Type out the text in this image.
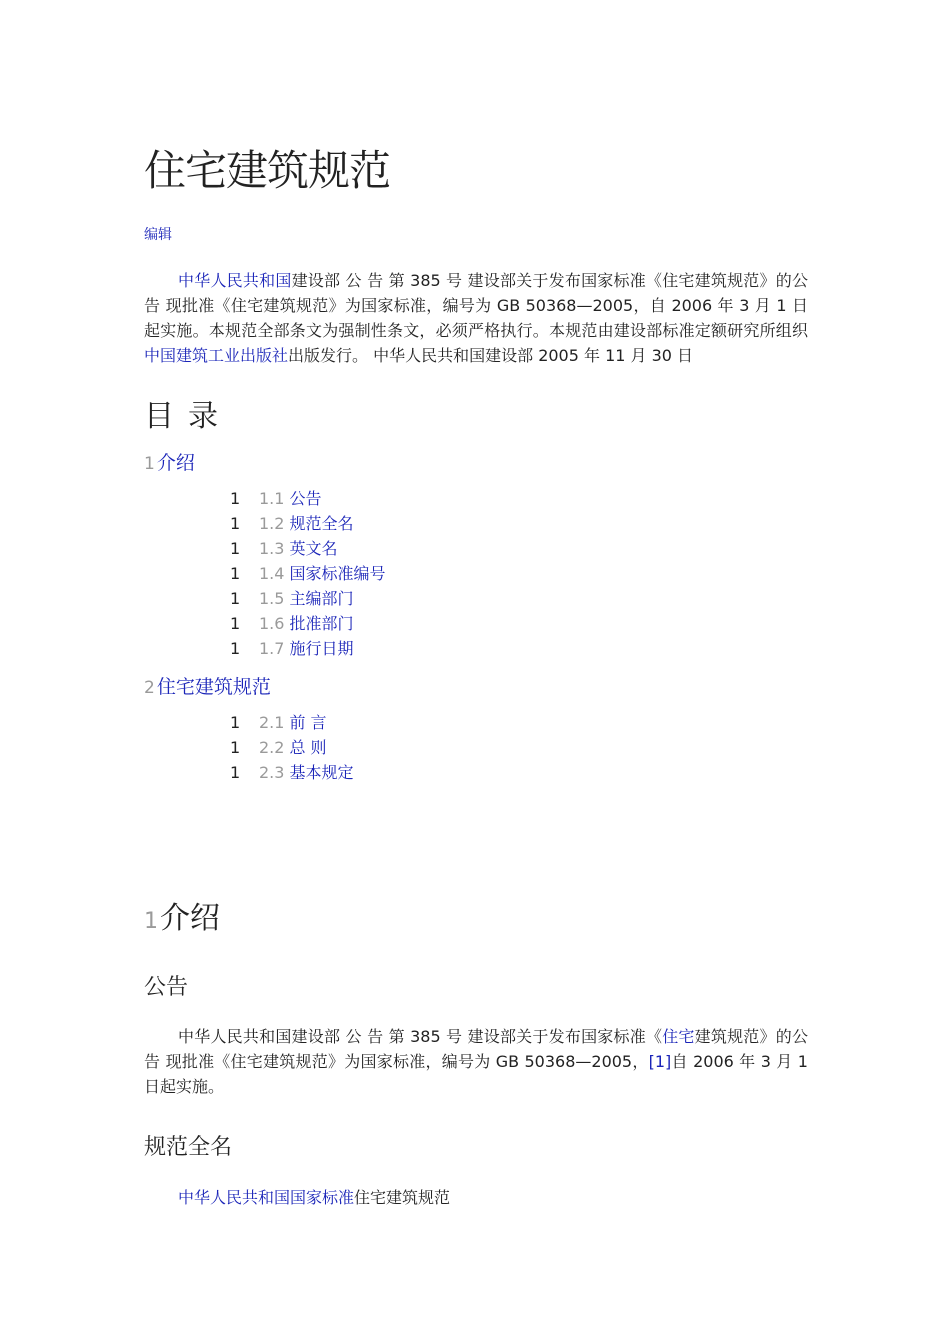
住宅建筑规范
编辑

中华人民共和国建设部 公 告 第 385 号 建设部关于发布国家标准《住宅建筑规范》的公告 现批准《住宅建筑规范》为国家标准，编号为 GB 50368—2005，自 2006 年 3 月 1 日起实施。本规范全部条文为强制性条文，必须严格执行。本规范由建设部标准定额研究所组织中国建筑工业出版社出版发行。 中华人民共和国建设部 2005 年 11 月 30 日

目录
1 介绍
1 1.1 公告
1 1.2 规范全名
1 1.3 英文名
1 1.4 国家标准编号
1 1.5 主编部门
1 1.6 批准部门
1 1.7 施行日期
2 住宅建筑规范
1 2.1 前 言
1 2.2 总 则
1 2.3 基本规定
1介绍
公告

中华人民共和国建设部 公 告 第 385 号 建设部关于发布国家标准《住宅建筑规范》的公告 现批准《住宅建筑规范》为国家标准，编号为 GB 50368—2005，[1]自 2006 年 3 月 1 日起实施。

规范全名

中华人民共和国国家标准住宅建筑规范
